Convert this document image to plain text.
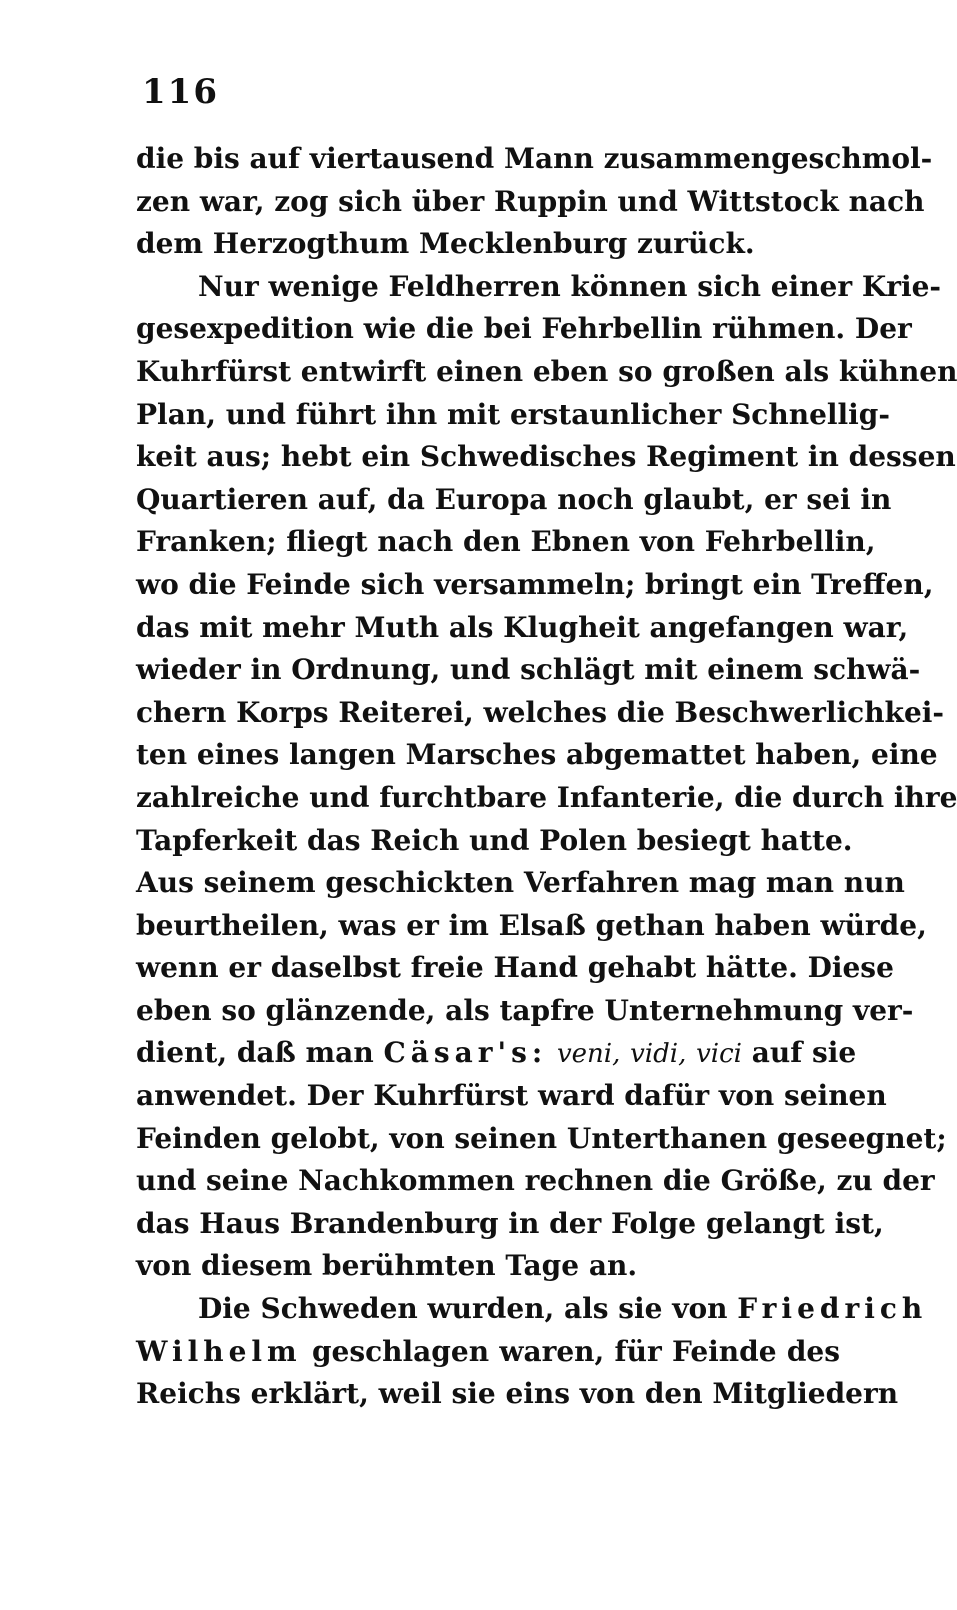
116
die bis auf viertausend Mann zusammengeschmol-
zen war, zog sich über Ruppin und Wittstock nach
dem Herzogthum Mecklenburg zurück.
Nur wenige Feldherren können sich einer Krie-
gesexpedition wie die bei Fehrbellin rühmen. Der
Kuhrfürst entwirft einen eben so großen als kühnen
Plan, und führt ihn mit erstaunlicher Schnellig-
keit aus; hebt ein Schwedisches Regiment in dessen
Quartieren auf, da Europa noch glaubt, er sei in
Franken; fliegt nach den Ebnen von Fehrbellin,
wo die Feinde sich versammeln; bringt ein Treffen,
das mit mehr Muth als Klugheit angefangen war,
wieder in Ordnung, und schlägt mit einem schwä-
chern Korps Reiterei, welches die Beschwerlichkei-
ten eines langen Marsches abgemattet haben, eine
zahlreiche und furchtbare Infanterie, die durch ihre
Tapferkeit das Reich und Polen besiegt hatte.
Aus seinem geschickten Verfahren mag man nun
beurtheilen, was er im Elsaß gethan haben würde,
wenn er daselbst freie Hand gehabt hätte. Diese
eben so glänzende, als tapfre Unternehmung ver-
dient, daß man Cäsar's: veni, vidi, vici auf sie
anwendet. Der Kuhrfürst ward dafür von seinen
Feinden gelobt, von seinen Unterthanen geseegnet;
und seine Nachkommen rechnen die Größe, zu der
das Haus Brandenburg in der Folge gelangt ist,
von diesem berühmten Tage an.
Die Schweden wurden, als sie von Friedrich
Wilhelm geschlagen waren, für Feinde des
Reichs erklärt, weil sie eins von den Mitgliedern
